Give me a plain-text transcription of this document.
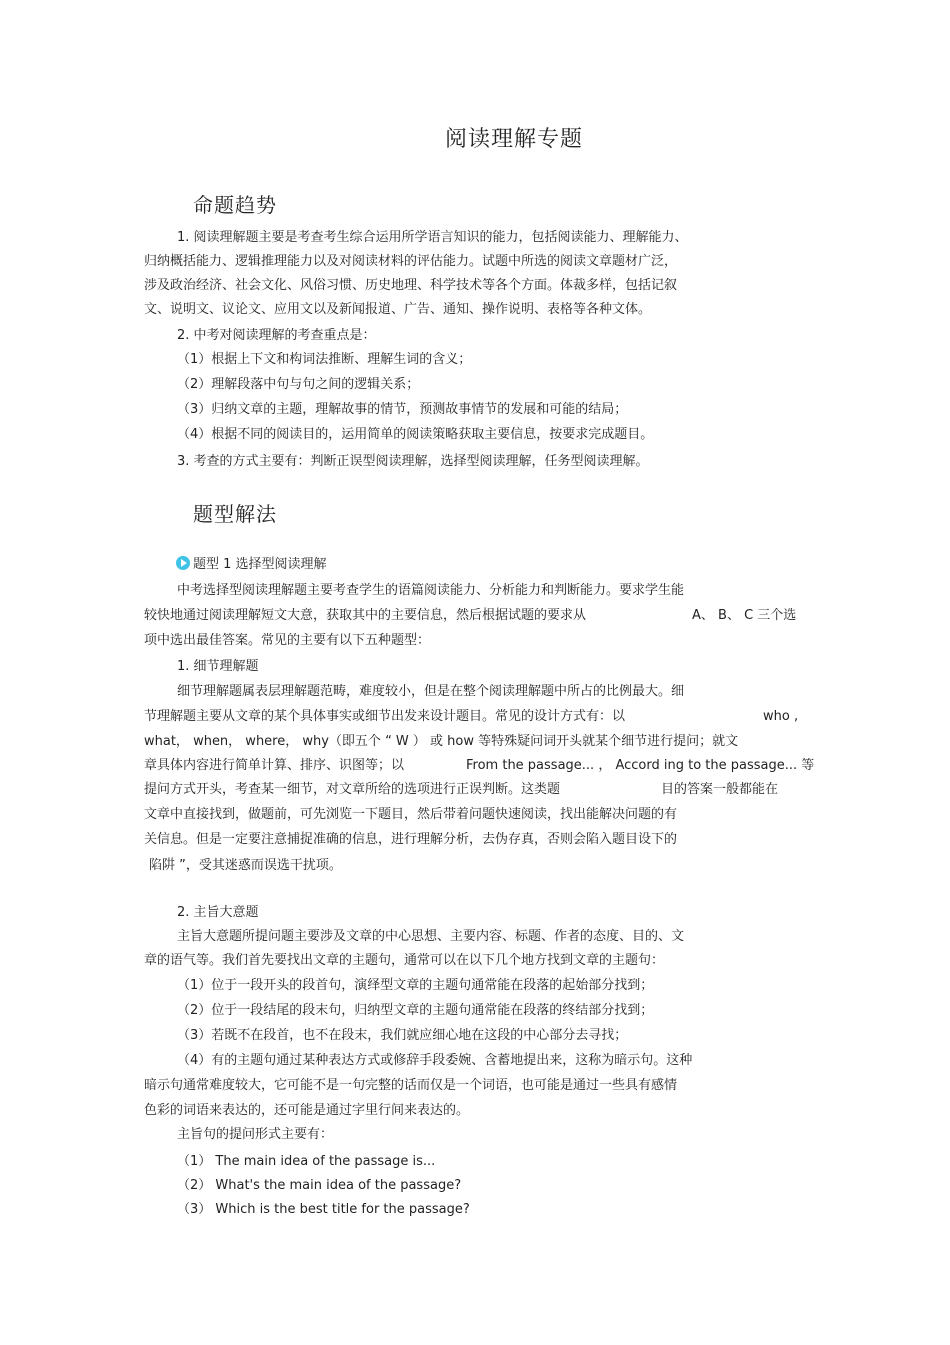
阅读理解专题
命题趋势
1. 阅读理解题主要是考查考生综合运用所学语言知识的能力，包括阅读能力、理解能力、
归纳概括能力、逻辑推理能力以及对阅读材料的评估能力。试题中所选的阅读文章题材广泛，
涉及政治经济、社会文化、风俗习惯、历史地理、科学技术等各个方面。体裁多样，包括记叙
文、说明文、议论文、应用文以及新闻报道、广告、通知、操作说明、表格等各种文体。
2. 中考对阅读理解的考查重点是：
（1）根据上下文和构词法推断、理解生词的含义；
（2）理解段落中句与句之间的逻辑关系；
（3）归纳文章的主题，理解故事的情节，预测故事情节的发展和可能的结局；
（4）根据不同的阅读目的，运用简单的阅读策略获取主要信息，按要求完成题目。
3. 考查的方式主要有：判断正误型阅读理解，选择型阅读理解，任务型阅读理解。
题型解法
题型 1 选择型阅读理解
中考选择型阅读理解题主要考查学生的语篇阅读能力、分析能力和判断能力。要求学生能
较快地通过阅读理解短文大意，获取其中的主要信息，然后根据试题的要求从	A、 B、 C 三个选
项中选出最佳答案。常见的主要有以下五种题型：
1. 细节理解题
细节理解题属表层理解题范畴，难度较小，但是在整个阅读理解题中所占的比例最大。细
节理解题主要从文章的某个具体事实或细节出发来设计题目。常见的设计方式有：以	who ,
what， when， where， why（即五个 “ W ） 或 how 等特殊疑问词开头就某个细节进行提问；就文
章具体内容进行简单计算、排序、识图等；以	From the passage... ， Accord ing to the passage... 等
提问方式开头，考查某一细节，对文章所给的选项进行正误判断。这类题	目的答案一般都能在
文章中直接找到，做题前，可先浏览一下题目，然后带着问题快速阅读，找出能解决问题的有
关信息。但是一定要注意捕捉准确的信息，进行理解分析，去伪存真，否则会陷入题目设下的
陷阱 ”，受其迷惑而误选干扰项。
2. 主旨大意题
主旨大意题所提问题主要涉及文章的中心思想、主要内容、标题、作者的态度、目的、文
章的语气等。我们首先要找出文章的主题句，通常可以在以下几个地方找到文章的主题句：
（1）位于一段开头的段首句，演绎型文章的主题句通常能在段落的起始部分找到；
（2）位于一段结尾的段末句，归纳型文章的主题句通常能在段落的终结部分找到；
（3）若既不在段首，也不在段末，我们就应细心地在这段的中心部分去寻找；
（4）有的主题句通过某种表达方式或修辞手段委婉、含蓄地提出来，这称为暗示句。这种
暗示句通常难度较大，它可能不是一句完整的话而仅是一个词语，也可能是通过一些具有感情
色彩的词语来表达的，还可能是通过字里行间来表达的。
主旨句的提问形式主要有：
（1） The main idea of the passage is...
（2） What's the main idea of the passage?
（3） Which is the best title for the passage?
